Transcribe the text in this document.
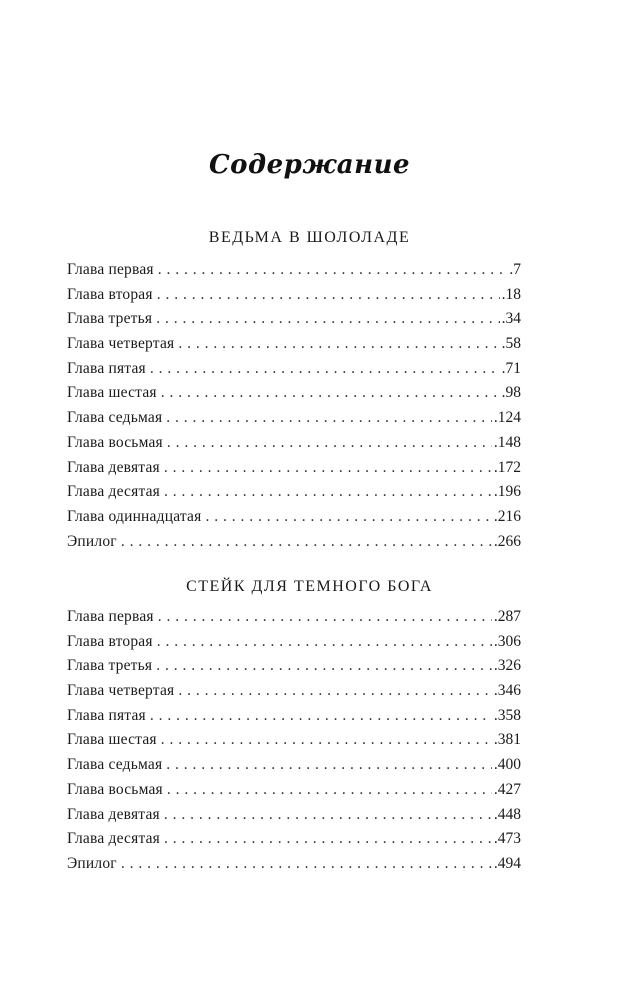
Содержание
ВЕДЬМА В ШОЛОЛАДЕ
Глава первая . . .	.7
Глава вторая . . .	.18
Глава третья . . .	.34
Глава четвертая . . .	.58
Глава пятая . . .	.71
Глава шестая . . .	.98
Глава седьмая . . .	.124
Глава восьмая . . .	.148
Глава девятая . . .	.172
Глава десятая . . .	.196
Глава одиннадцатая . . .	.216
Эпилог . . .	.266
СТЕЙК ДЛЯ ТЕМНОГО БОГА
Глава первая . . .	.287
Глава вторая . . .	.306
Глава третья . . .	.326
Глава четвертая . . .	.346
Глава пятая . . .	.358
Глава шестая . . .	.381
Глава седьмая . . .	.400
Глава восьмая . . .	.427
Глава девятая . . .	.448
Глава десятая . . .	.473
Эпилог . . .	.494
